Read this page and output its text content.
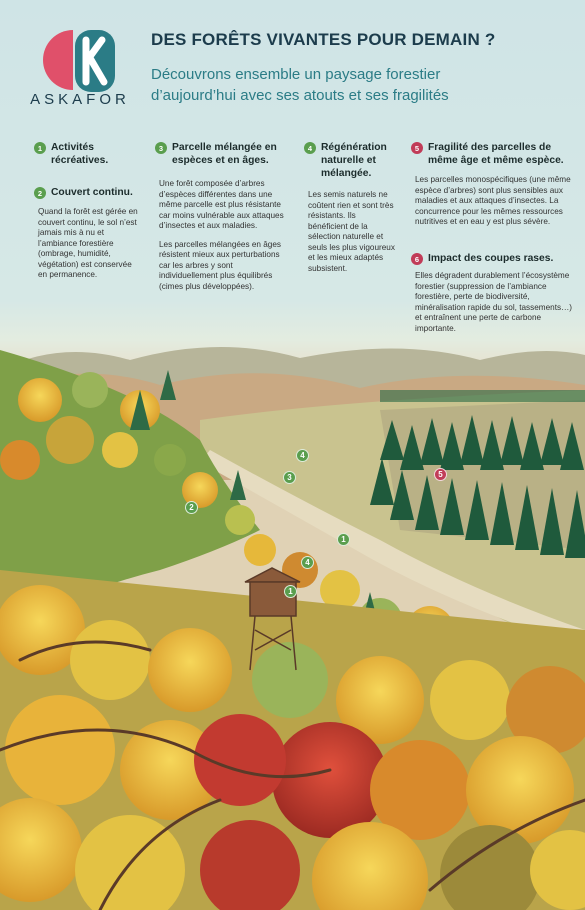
ASKAFOR
DES FORÊTS VIVANTES POUR DEMAIN ?
Découvrons ensemble un paysage forestier
d’aujourd’hui avec ses atouts et ses fragilités
1 Activités récréatives.
2 Couvert continu.

Quand la forêt est gérée en couvert continu, le sol n’est jamais mis à nu et l’ambiance forestière (ombrage, humidité, végétation) est conservée en permanence.

3 Parcelle mélangée en espèces et en âges.

Une forêt composée d’arbres d’espèces différentes dans une même parcelle est plus résistante car moins vulnérable aux attaques d’insectes et aux maladies.

Les parcelles mélangées en âges résistent mieux aux perturbations car les arbres y sont individuellement plus équilibrés (cimes plus développées).

4 Régénération naturelle et mélangée.

Les semis naturels ne coûtent rien et sont très résistants. Ils bénéficient de la sélection naturelle et seuls les plus vigoureux et les mieux adaptés subsistent.

5 Fragilité des parcelles de même âge et même espèce.

Les parcelles monospécifiques (une même espèce d’arbres) sont plus sensibles aux maladies et aux attaques d’insectes. La concurrence pour les mêmes ressources nutritives et en eau y est plus sévère.

6 Impact des coupes rases.

Elles dégradent durablement l’écosystème forestier (suppression de l’ambiance forestière, perte de biodiversité, minéralisation rapide du sol, tassements…) et entraînent une perte de carbone importante.

1
1
2
3
4
4
5
